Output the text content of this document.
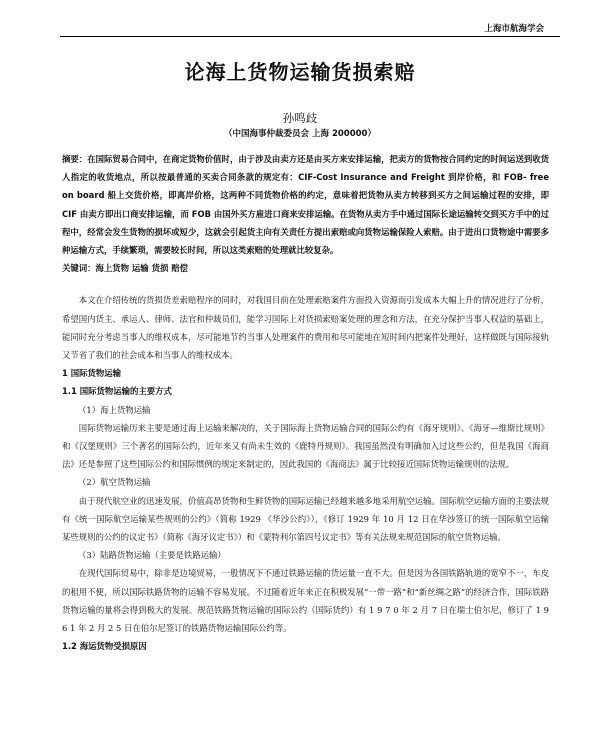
上海市航海学会
论海上货物运输货损索赔
孙鸣歧
（中国海事仲裁委员会 上海 200000）

摘要：在国际贸易合同中，在商定货物价值时，由于涉及由卖方还是由买方来安排运输，把卖方的货物按合同约定的时间运送到收货人指定的收货地点，所以按最普通的买卖合同条款的规定有：CIF-Cost Insurance and Freight 到岸价格，和 FOB- free on board 船上交货价格，即离岸价格，这两种不同货物价格的约定，意味着把货物从卖方转移到买方之间运输过程的安排，即 CIF 由卖方即出口商安排运输，而 FOB 由国外买方雇进口商来安排运输。在货物从卖方手中通过国际长途运输转交到买方手中的过程中，经常会发生货物的损坏或短少，这就会引起货主向有关责任方提出索赔或向货物运输保险人索赔。由于进出口货物途中需要多种运输方式，手续繁琐，需要较长时间，所以这类索赔的处理就比较复杂。

关键词：海上货物 运输 货损 赔偿

本文在介绍传统的货损货差索赔程序的同时，对我国目前在处理索赔案件方面投入资源而引发成本大幅上升的情况进行了分析，希望国内货主、承运人、律师、法官和仲裁员们，能学习国际上对货损索赔案处理的理念和方法，在充分保护当事人权益的基础上，能同时充分考虑当事人的维权成本，尽可能地节约当事人处理案件的费用和尽可能地在短时间内把案件处理好，这样做既与国际接轨又节省了我们的社会成本和当事人的维权成本。

1 国际货物运输

1.1 国际货物运输的主要方式

（1）海上货物运输

国际货物运输历来主要是通过海上运输来解决的，关于国际海上货物运输合同的国际公约有《海牙规则》、《海牙—维斯比规则》和《汉堡规则》三个著名的国际公约，近年来又有尚未生效的《鹿特丹规则》。我国虽然没有明确加入过这些公约，但是我国《海商法》还是参照了这些国际公约和国际惯例的规定来制定的，因此我国的《海商法》属于比较接近国际货物运输规则的法规。

（2）航空货物运输

由于现代航空业的迅速发展，价值高昂货物和生鲜货物的国际运输已经越来越多地采用航空运输。国际航空运输方面的主要法规有《统一国际航空运输某些规则的公约》（简称 1929 《华沙公约》），《修订 1929 年 10 月 12 日在华沙签订的统一国际航空运输某些规则的公约的议定书》（简称《海牙议定书》）和《蒙特利尔第四号议定书》等有关法规来规范国际的航空货物运输。

（3）陆路货物运输（主要是铁路运输）

在现代国际贸易中，除非是边境贸易，一般情况下不通过铁路运输的货运量一直不大。但是因为各国铁路轨道的宽窄不一，车皮的租用不便，所以国际铁路货物的运输不容易发展。不过随着近年来正在积极发展“一带一路”和“新丝绸之路”的经济合作，国际铁路货物运输的量将会得到极大的发展。规范铁路货物运输的国际公约（国际货约）有 1 9 7 0 年 2 月 7 日在瑞士伯尔尼，修订了 1 9 6 1 年 2 月 2 5 日在伯尔尼签订的铁路货物运输国际公约等。

1.2 海运货物受损原因
